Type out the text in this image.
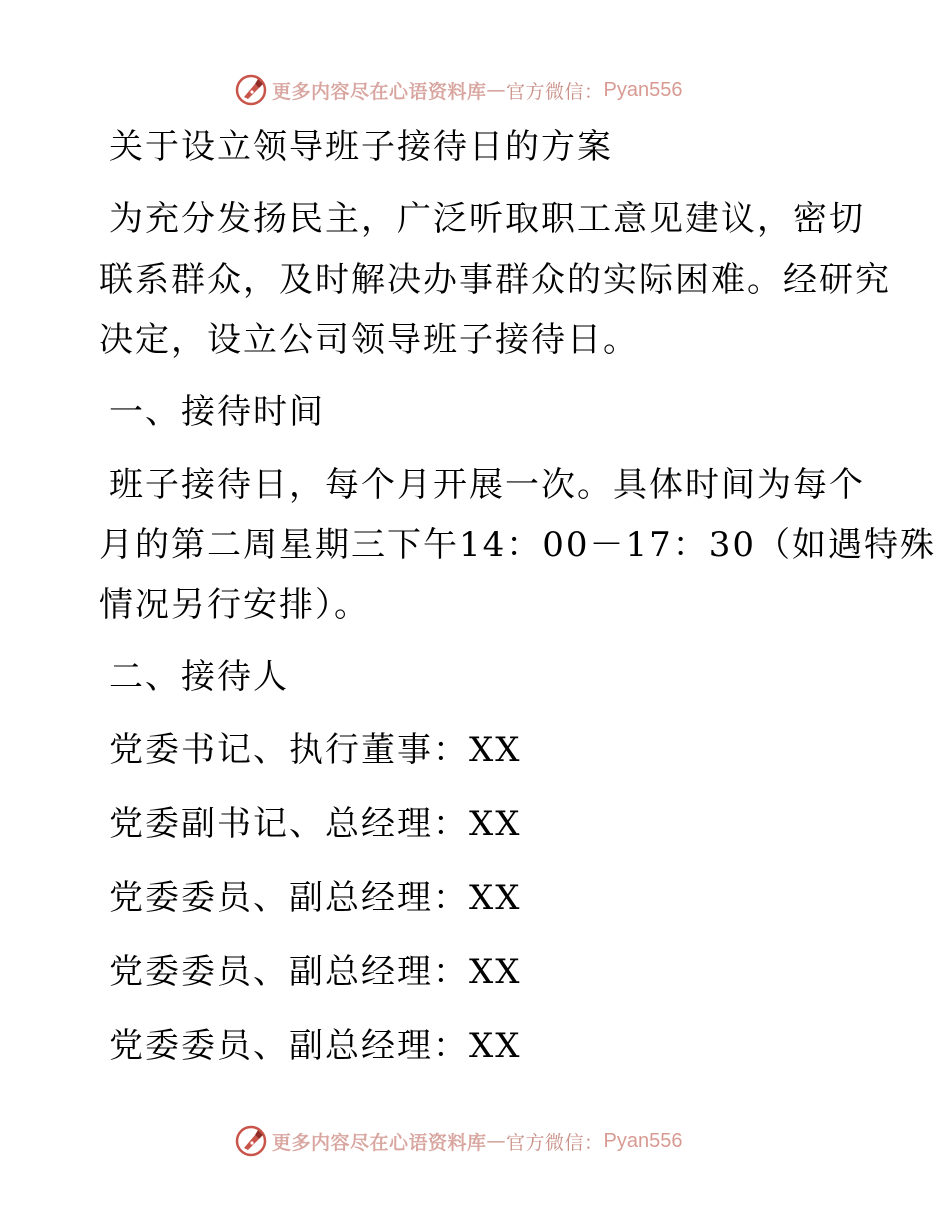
更多内容尽在心语资料库 — 官方微信： Pyan556

关于设立领导班子接待日的方案

为充分发扬民主，广泛听取职工意见建议，密切

联系群众，及时解决办事群众的实际困难。经研究

决定，设立公司领导班子接待日。

一、接待时间

班子接待日，每个月开展一次。具体时间为每个

月的第二周星期三下午14：00－17：30（如遇特殊

情况另行安排）。

二、接待人

党委书记、执行董事：XX

党委副书记、总经理：XX

党委委员、副总经理：XX

党委委员、副总经理：XX

党委委员、副总经理：XX

更多内容尽在心语资料库 — 官方微信： Pyan556
